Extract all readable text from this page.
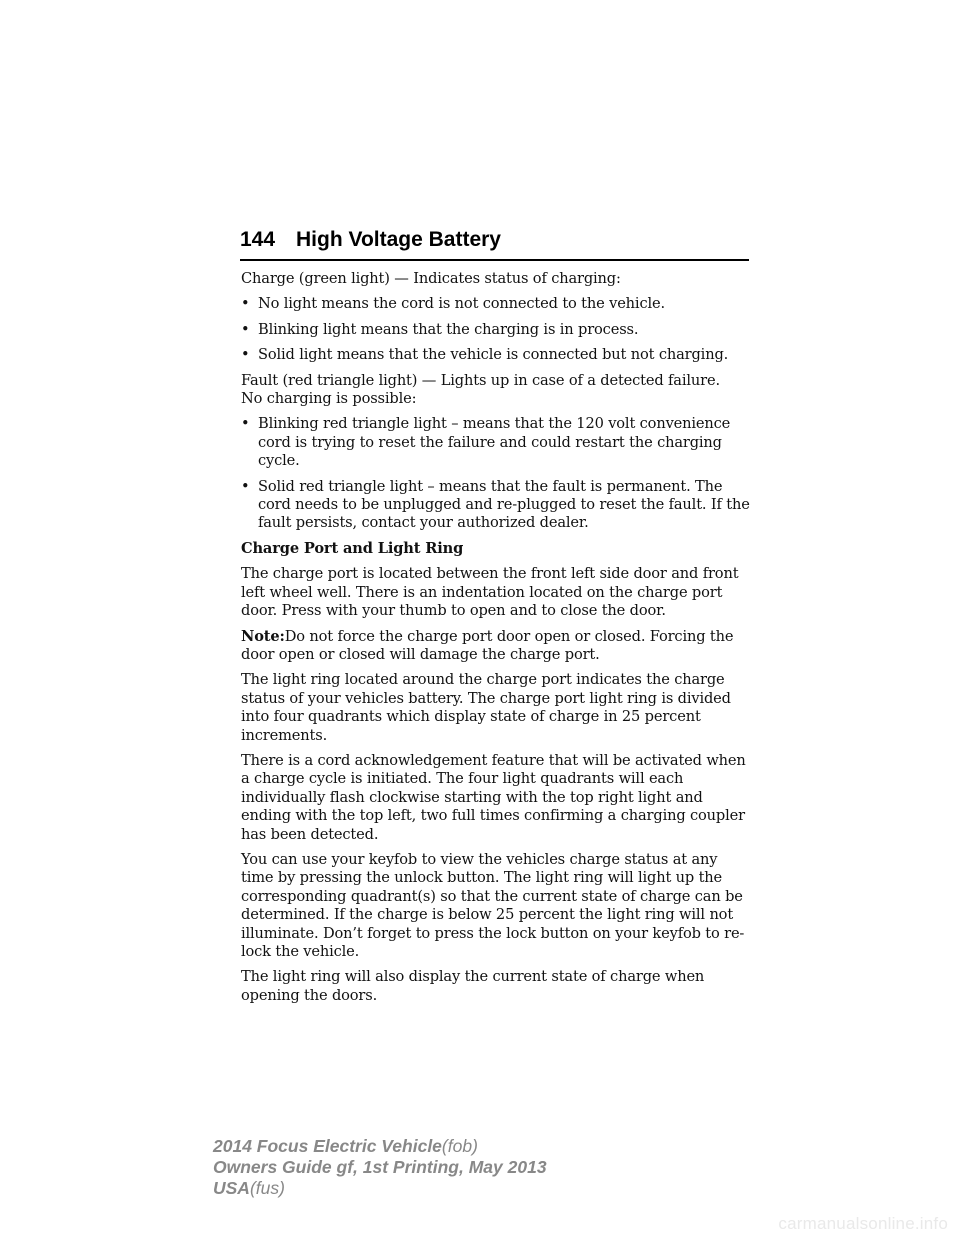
144 High Voltage Battery

Charge (green light) — Indicates status of charging:

• No light means the cord is not connected to the vehicle.
• Blinking light means that the charging is in process.
• Solid light means that the vehicle is connected but not charging.

Fault (red triangle light) — Lights up in case of a detected failure.
No charging is possible:

• Blinking red triangle light – means that the 120 volt convenience cord is trying to reset the failure and could restart the charging cycle.
• Solid red triangle light – means that the fault is permanent. The cord needs to be unplugged and re-plugged to reset the fault. If the fault persists, contact your authorized dealer.

Charge Port and Light Ring

The charge port is located between the front left side door and front left wheel well. There is an indentation located on the charge port door. Press with your thumb to open and to close the door.

Note:Do not force the charge port door open or closed. Forcing the door open or closed will damage the charge port.

The light ring located around the charge port indicates the charge status of your vehicles battery. The charge port light ring is divided into four quadrants which display state of charge in 25 percent increments.

There is a cord acknowledgement feature that will be activated when a charge cycle is initiated. The four light quadrants will each individually flash clockwise starting with the top right light and ending with the top left, two full times confirming a charging coupler has been detected.

You can use your keyfob to view the vehicles charge status at any time by pressing the unlock button. The light ring will light up the corresponding quadrant(s) so that the current state of charge can be determined. If the charge is below 25 percent the light ring will not illuminate. Don’t forget to press the lock button on your keyfob to re-lock the vehicle.

The light ring will also display the current state of charge when opening the doors.

2014 Focus Electric Vehicle(fob)
Owners Guide gf, 1st Printing, May 2013
USA(fus)
carmanualsonline.info
